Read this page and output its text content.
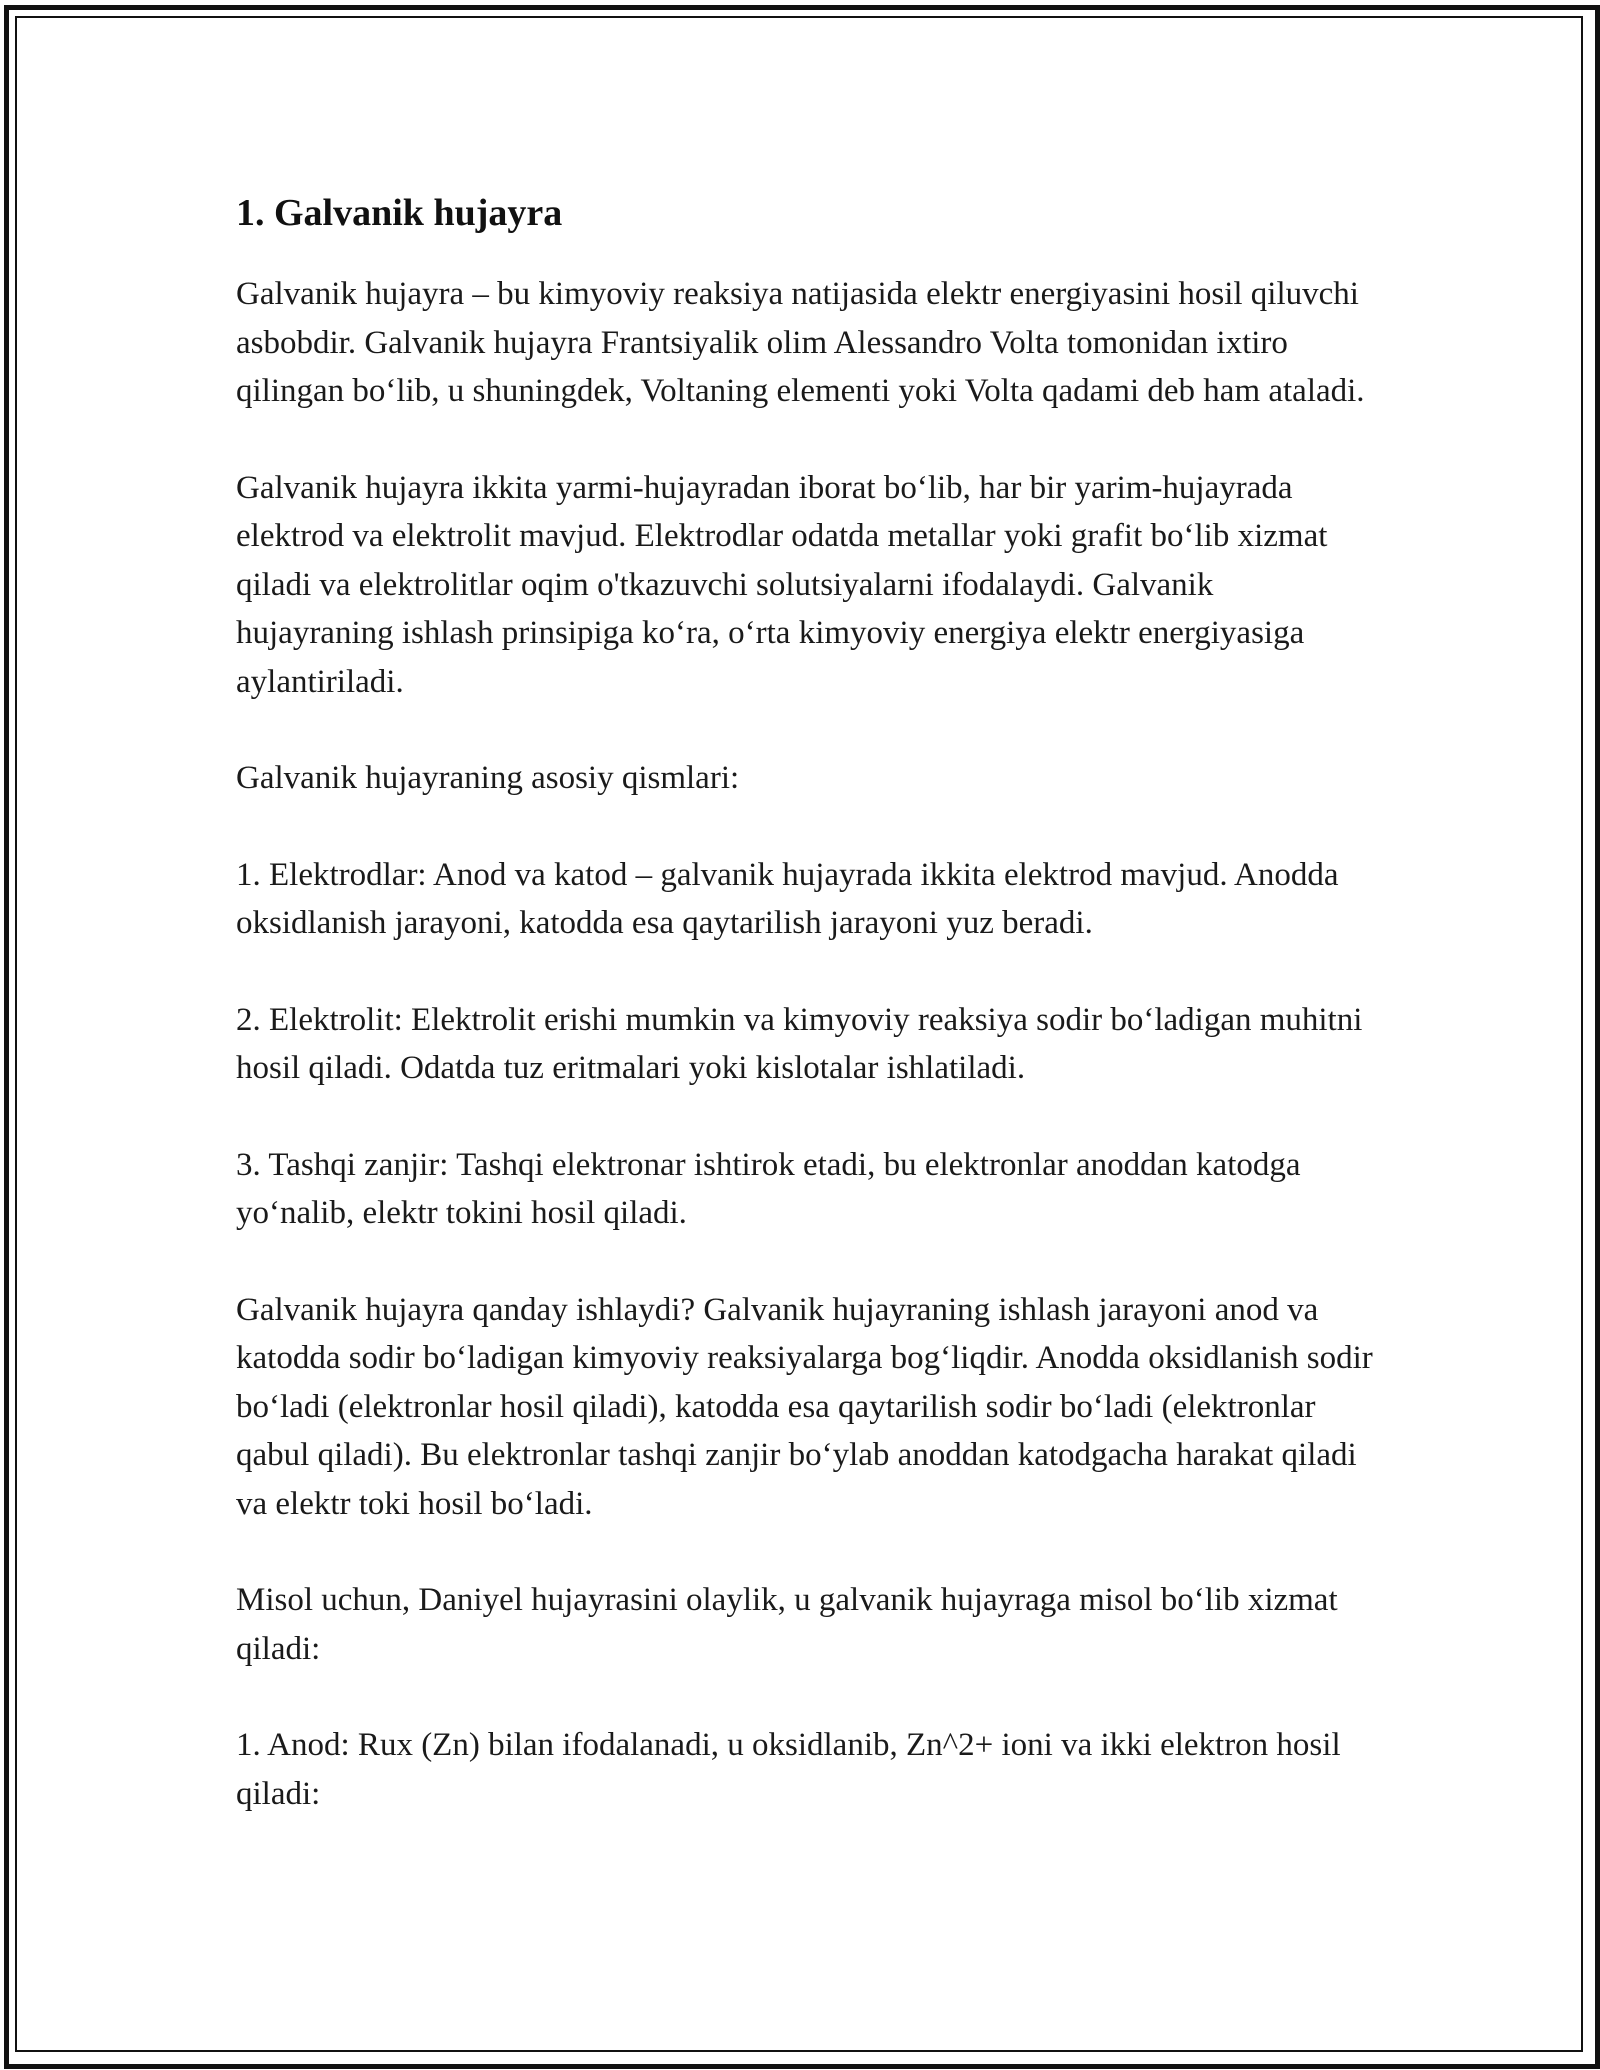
1. Galvanik hujayra

Galvanik hujayra – bu kimyoviy reaksiya natijasida elektr energiyasini hosil qiluvchi asbobdir. Galvanik hujayra Frantsiyalik olim Alessandro Volta tomonidan ixtiro qilingan bo‘lib, u shuningdek, Voltaning elementi yoki Volta qadami deb ham ataladi.

Galvanik hujayra ikkita yarmi-hujayradan iborat bo‘lib, har bir yarim-hujayrada elektrod va elektrolit mavjud. Elektrodlar odatda metallar yoki grafit bo‘lib xizmat qiladi va elektrolitlar oqim o'tkazuvchi solutsiyalarni ifodalaydi. Galvanik hujayraning ishlash prinsipiga ko‘ra, o‘rta kimyoviy energiya elektr energiyasiga aylantiriladi.

Galvanik hujayraning asosiy qismlari:

1. Elektrodlar: Anod va katod – galvanik hujayrada ikkita elektrod mavjud. Anodda oksidlanish jarayoni, katodda esa qaytarilish jarayoni yuz beradi.

2. Elektrolit: Elektrolit erishi mumkin va kimyoviy reaksiya sodir bo‘ladigan muhitni hosil qiladi. Odatda tuz eritmalari yoki kislotalar ishlatiladi.

3. Tashqi zanjir: Tashqi elektronar ishtirok etadi, bu elektronlar anoddan katodga yo‘nalib, elektr tokini hosil qiladi.

Galvanik hujayra qanday ishlaydi? Galvanik hujayraning ishlash jarayoni anod va katodda sodir bo‘ladigan kimyoviy reaksiyalarga bog‘liqdir. Anodda oksidlanish sodir bo‘ladi (elektronlar hosil qiladi), katodda esa qaytarilish sodir bo‘ladi (elektronlar qabul qiladi). Bu elektronlar tashqi zanjir bo‘ylab anoddan katodgacha harakat qiladi va elektr toki hosil bo‘ladi.

Misol uchun, Daniyel hujayrasini olaylik, u galvanik hujayraga misol bo‘lib xizmat qiladi:

1. Anod: Rux (Zn) bilan ifodalanadi, u oksidlanib, Zn^2+ ioni va ikki elektron hosil qiladi:
